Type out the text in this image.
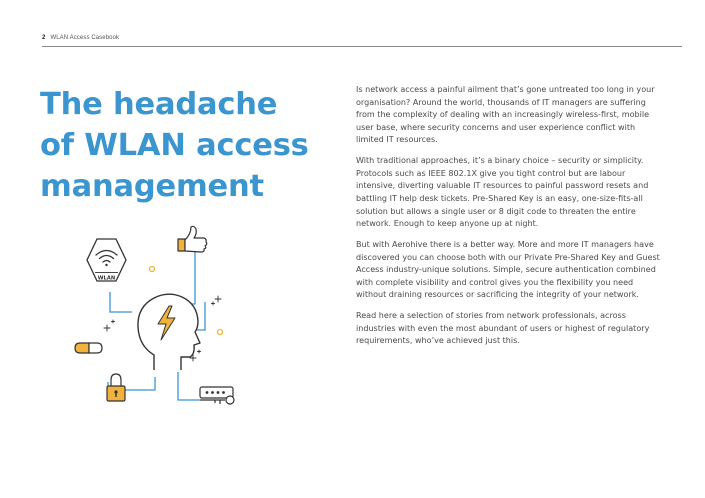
2 WLAN Access Casebook
The headache
of WLAN access
management

Is network access a painful ailment that’s gone untreated too long in your organisation? Around the world, thousands of IT managers are suffering from the complexity of dealing with an increasingly wireless-first, mobile user base, where security concerns and user experience conflict with limited IT resources.

With traditional approaches, it’s a binary choice – security or simplicity. Protocols such as IEEE 802.1X give you tight control but are labour intensive, diverting valuable IT resources to painful password resets and battling IT help desk tickets. Pre-Shared Key is an easy, one-size-fits-all solution but allows a single user or 8 digit code to threaten the entire network. Enough to keep anyone up at night.

But with Aerohive there is a better way. More and more IT managers have discovered you can choose both with our Private Pre-Shared Key and Guest Access industry-unique solutions. Simple, secure authentication combined with complete visibility and control gives you the flexibility you need without draining resources or sacrificing the integrity of your network.

Read here a selection of stories from network professionals, across industries with even the most abundant of users or highest of regulatory requirements, who’ve achieved just this.

WLAN
